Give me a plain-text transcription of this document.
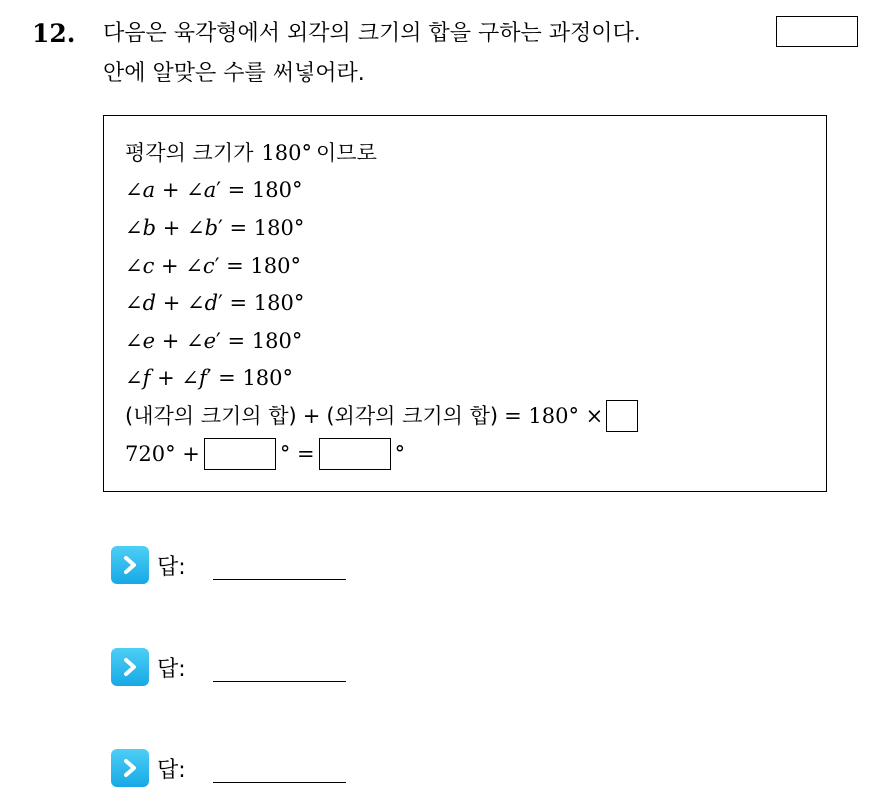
12. 다음은 육각형에서 외각의 크기의 합을 구하는 과정이다.
안에 알맞은 수를 써넣어라.
평각의 크기가 180° 이므로
∠ a + ∠ a ′ = 180°
∠ b + ∠ b ′ = 180°
∠ c + ∠ c ′ = 180°
∠ d + ∠ d ′ = 180°
∠ e + ∠ e ′ = 180°
∠ f + ∠ f ′ = 180°
(내각의 크기의 합) + (외각의 크기의 합) = 180° ×
720° +	° =	°
답:
답:
답:
